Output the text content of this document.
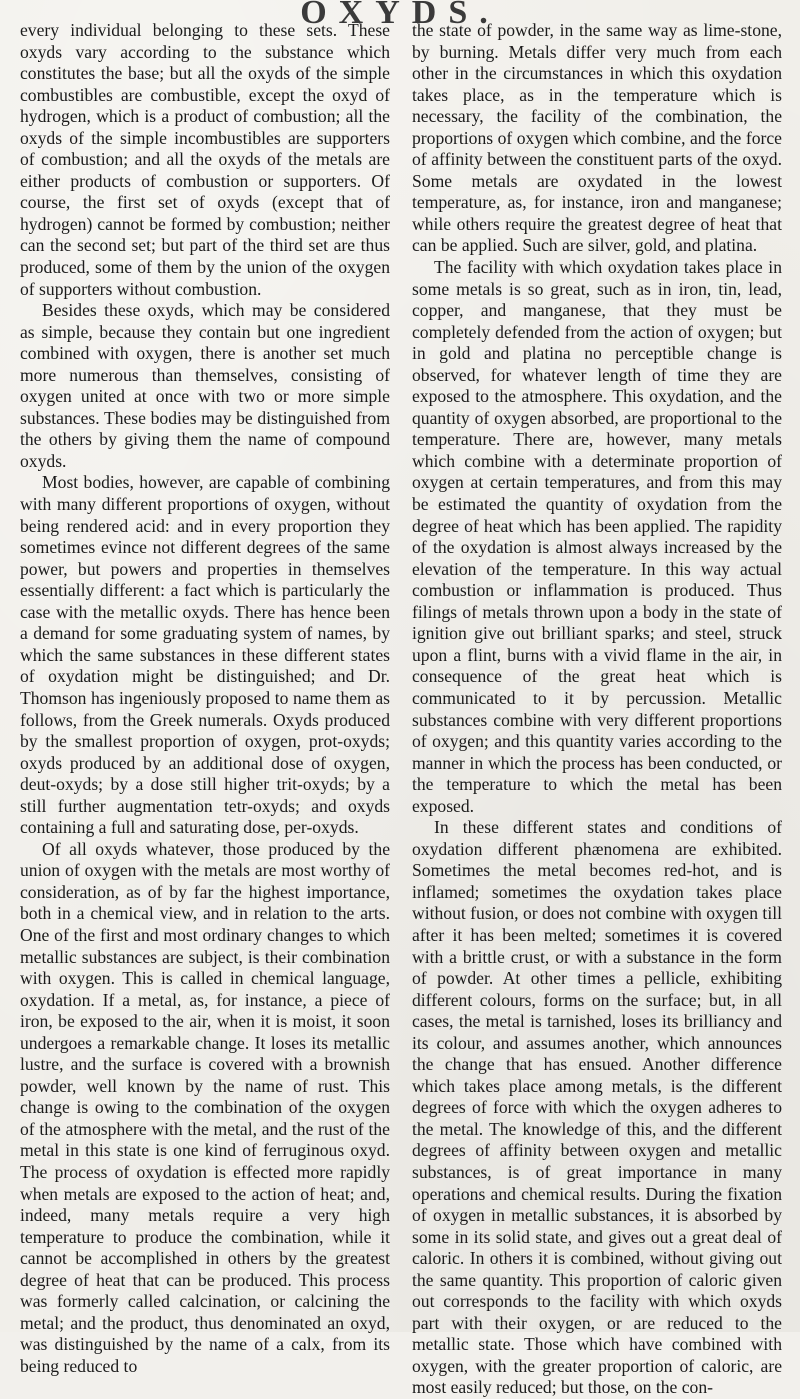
OXYDS.

every individual belonging to these sets. These oxyds vary according to the substance which constitutes the base; but all the oxyds of the simple combustibles are combustible, except the oxyd of hydrogen, which is a product of combustion; all the oxyds of the simple incombustibles are supporters of combustion; and all the oxyds of the metals are either products of combustion or supporters. Of course, the first set of oxyds (except that of hydrogen) cannot be formed by combustion; neither can the second set; but part of the third set are thus produced, some of them by the union of the oxygen of supporters without combustion.

Besides these oxyds, which may be considered as simple, because they contain but one ingredient combined with oxygen, there is another set much more numerous than themselves, consisting of oxygen united at once with two or more simple substances. These bodies may be distinguished from the others by giving them the name of compound oxyds.

Most bodies, however, are capable of combining with many different proportions of oxygen, without being rendered acid: and in every proportion they sometimes evince not different degrees of the same power, but powers and properties in themselves essentially different: a fact which is particularly the case with the metallic oxyds. There has hence been a demand for some graduating system of names, by which the same substances in these different states of oxydation might be distinguished; and Dr. Thomson has ingeniously proposed to name them as follows, from the Greek numerals. Oxyds produced by the smallest proportion of oxygen, prot-oxyds; oxyds produced by an additional dose of oxygen, deut-oxyds; by a dose still higher trit-oxyds; by a still further augmentation tetr-oxyds; and oxyds containing a full and saturating dose, per-oxyds.

Of all oxyds whatever, those produced by the union of oxygen with the metals are most worthy of consideration, as of by far the highest importance, both in a chemical view, and in relation to the arts. One of the first and most ordinary changes to which metallic substances are subject, is their combination with oxygen. This is called in chemical language, oxydation. If a metal, as, for instance, a piece of iron, be exposed to the air, when it is moist, it soon undergoes a remarkable change. It loses its metallic lustre, and the surface is covered with a brownish powder, well known by the name of rust. This change is owing to the combination of the oxygen of the atmosphere with the metal, and the rust of the metal in this state is one kind of ferruginous oxyd. The process of oxydation is effected more rapidly when metals are exposed to the action of heat; and, indeed, many metals require a very high temperature to produce the combination, while it cannot be accomplished in others by the greatest degree of heat that can be produced. This process was formerly called calcination, or calcining the metal; and the product, thus denominated an oxyd, was distinguished by the name of a calx, from its being reduced to

the state of powder, in the same way as lime-stone, by burning. Metals differ very much from each other in the circumstances in which this oxydation takes place, as in the temperature which is necessary, the facility of the combination, the proportions of oxygen which combine, and the force of affinity between the constituent parts of the oxyd. Some metals are oxydated in the lowest temperature, as, for instance, iron and manganese; while others require the greatest degree of heat that can be applied. Such are silver, gold, and platina.

The facility with which oxydation takes place in some metals is so great, such as in iron, tin, lead, copper, and manganese, that they must be completely defended from the action of oxygen; but in gold and platina no perceptible change is observed, for whatever length of time they are exposed to the atmosphere. This oxydation, and the quantity of oxygen absorbed, are proportional to the temperature. There are, however, many metals which combine with a determinate proportion of oxygen at certain temperatures, and from this may be estimated the quantity of oxydation from the degree of heat which has been applied. The rapidity of the oxydation is almost always increased by the elevation of the temperature. In this way actual combustion or inflammation is produced. Thus filings of metals thrown upon a body in the state of ignition give out brilliant sparks; and steel, struck upon a flint, burns with a vivid flame in the air, in consequence of the great heat which is communicated to it by percussion. Metallic substances combine with very different proportions of oxygen; and this quantity varies according to the manner in which the process has been conducted, or the temperature to which the metal has been exposed.

In these different states and conditions of oxydation different phænomena are exhibited. Sometimes the metal becomes red-hot, and is inflamed; sometimes the oxydation takes place without fusion, or does not combine with oxygen till after it has been melted; sometimes it is covered with a brittle crust, or with a substance in the form of powder. At other times a pellicle, exhibiting different colours, forms on the surface; but, in all cases, the metal is tarnished, loses its brilliancy and its colour, and assumes another, which announces the change that has ensued. Another difference which takes place among metals, is the different degrees of force with which the oxygen adheres to the metal. The knowledge of this, and the different degrees of affinity between oxygen and metallic substances, is of great importance in many operations and chemical results. During the fixation of oxygen in metallic substances, it is absorbed by some in its solid state, and gives out a great deal of caloric. In others it is combined, without giving out the same quantity. This proportion of caloric given out corresponds to the facility with which oxyds part with their oxygen, or are reduced to the metallic state. Those which have combined with oxygen, with the greater proportion of caloric, are most easily reduced; but those, on the con-
